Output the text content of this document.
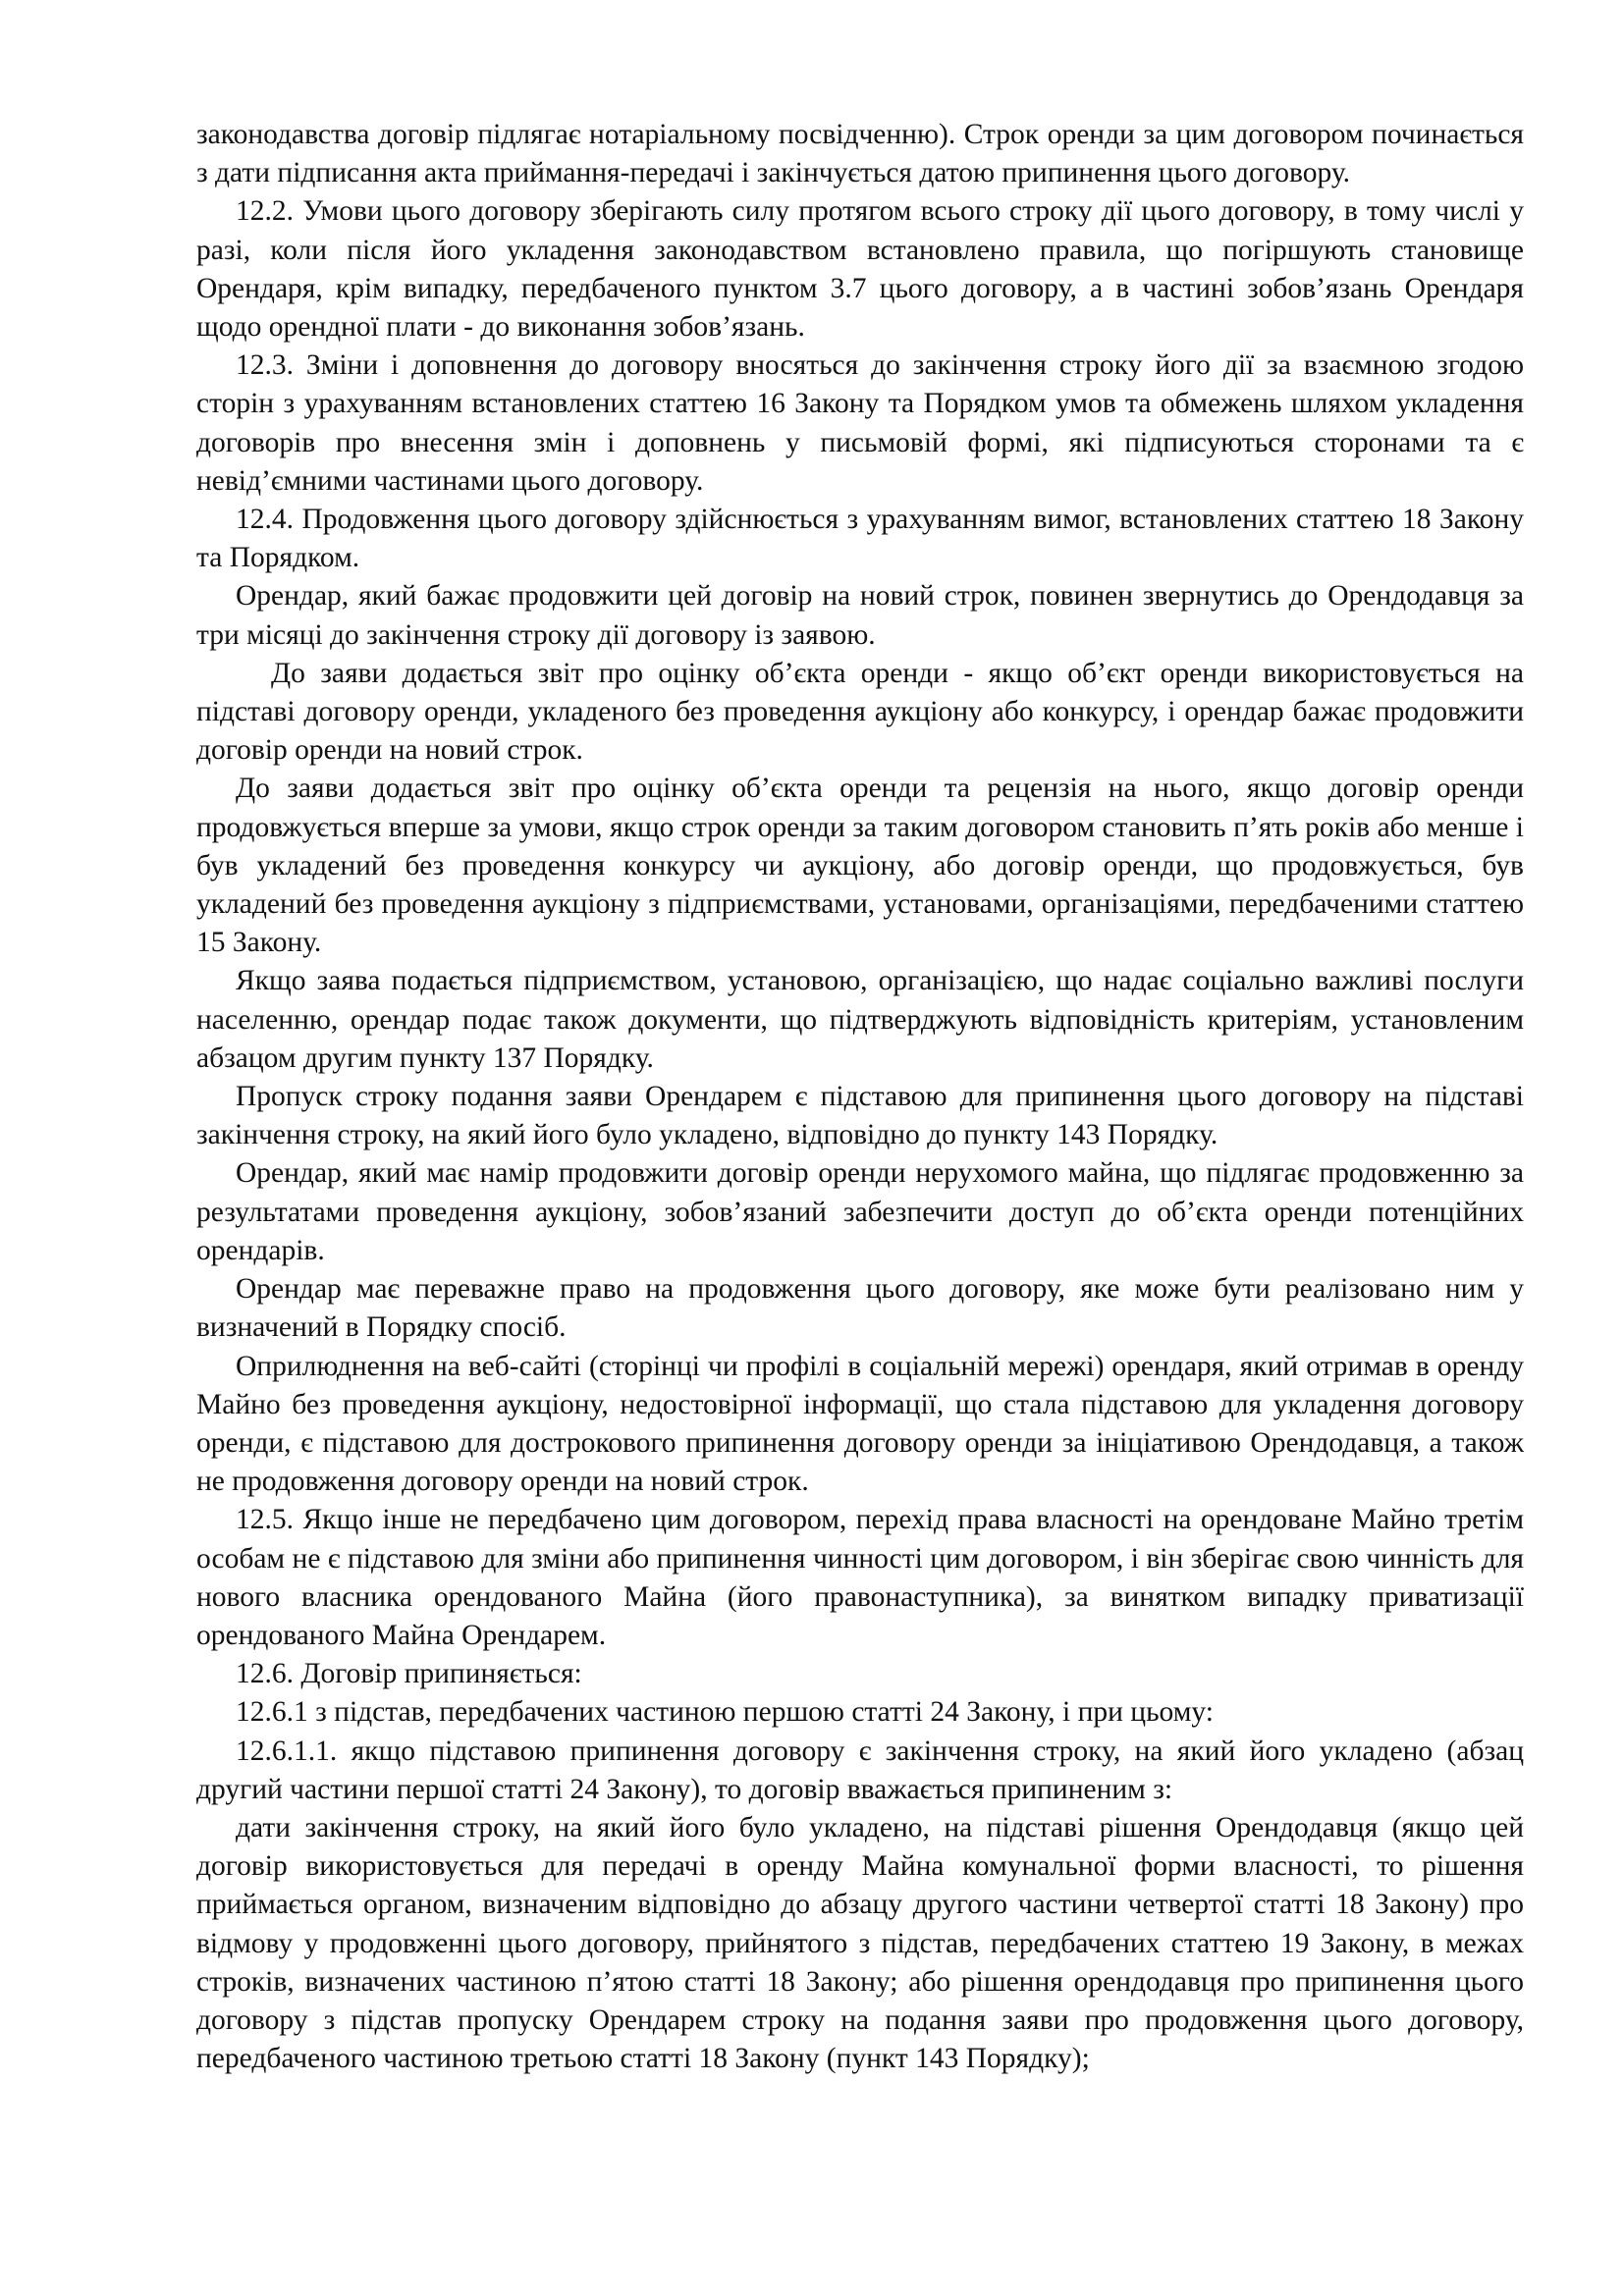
законодавства договір підлягає нотаріальному посвідченню). Строк оренди за цим договором починається з дати підписання акта приймання-передачі і закінчується датою припинення цього договору.

12.2. Умови цього договору зберігають силу протягом всього строку дії цього договору, в тому числі у разі, коли після його укладення законодавством встановлено правила, що погіршують становище Орендаря, крім випадку, передбаченого пунктом 3.7 цього договору, а в частині зобов’язань Орендаря щодо орендної плати - до виконання зобов’язань.

12.3. Зміни і доповнення до договору вносяться до закінчення строку його дії за взаємною згодою сторін з урахуванням встановлених статтею 16 Закону та Порядком умов та обмежень шляхом укладення договорів про внесення змін і доповнень у письмовій формі, які підписуються сторонами та є невід’ємними частинами цього договору.

12.4. Продовження цього договору здійснюється з урахуванням вимог, встановлених статтею 18 Закону та Порядком.

Орендар, який бажає продовжити цей договір на новий строк, повинен звернутись до Орендодавця за три місяці до закінчення строку дії договору із заявою.

До заяви додається звіт про оцінку об’єкта оренди - якщо об’єкт оренди використовується на підставі договору оренди, укладеного без проведення аукціону або конкурсу, і орендар бажає продовжити договір оренди на новий строк.

До заяви додається звіт про оцінку об’єкта оренди та рецензія на нього, якщо договір оренди продовжується вперше за умови, якщо строк оренди за таким договором становить п’ять років або менше і був укладений без проведення конкурсу чи аукціону, або договір оренди, що продовжується, був укладений без проведення аукціону з підприємствами, установами, організаціями, передбаченими статтею 15 Закону.

Якщо заява подається підприємством, установою, організацією, що надає соціально важливі послуги населенню, орендар подає також документи, що підтверджують відповідність критеріям, установленим абзацом другим пункту 137 Порядку.

Пропуск строку подання заяви Орендарем є підставою для припинення цього договору на підставі закінчення строку, на який його було укладено, відповідно до пункту 143 Порядку.

Орендар, який має намір продовжити договір оренди нерухомого майна, що підлягає продовженню за результатами проведення аукціону, зобов’язаний забезпечити доступ до об’єкта оренди потенційних орендарів.

Орендар має переважне право на продовження цього договору, яке може бути реалізовано ним у визначений в Порядку спосіб.

Оприлюднення на веб-сайті (сторінці чи профілі в соціальній мережі) орендаря, який отримав в оренду Майно без проведення аукціону, недостовірної інформації, що стала підставою для укладення договору оренди, є підставою для дострокового припинення договору оренди за ініціативою Орендодавця, а також не продовження договору оренди на новий строк.

12.5. Якщо інше не передбачено цим договором, перехід права власності на орендоване Майно третім особам не є підставою для зміни або припинення чинності цим договором, і він зберігає свою чинність для нового власника орендованого Майна (його правонаступника), за винятком випадку приватизації орендованого Майна Орендарем.

12.6. Договір припиняється:

12.6.1 з підстав, передбачених частиною першою статті 24 Закону, і при цьому:

12.6.1.1. якщо підставою припинення договору є закінчення строку, на який його укладено (абзац другий частини першої статті 24 Закону), то договір вважається припиненим з:

дати закінчення строку, на який його було укладено, на підставі рішення Орендодавця (якщо цей договір використовується для передачі в оренду Майна комунальної форми власності, то рішення приймається органом, визначеним відповідно до абзацу другого частини четвертої статті 18 Закону) про відмову у продовженні цього договору, прийнятого з підстав, передбачених статтею 19 Закону, в межах строків, визначених частиною п’ятою статті 18 Закону; або рішення орендодавця про припинення цього договору з підстав пропуску Орендарем строку на подання заяви про продовження цього договору, передбаченого частиною третьою статті 18 Закону (пункт 143 Порядку);
